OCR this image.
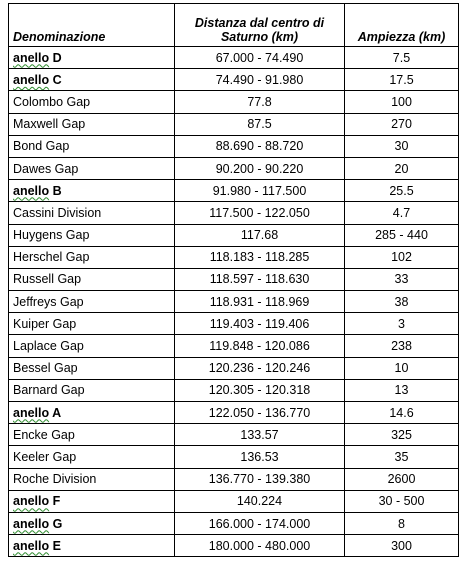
Denominazione	Distanza dal centro di Saturno (km)	Ampiezza (km)
anello D	67.000 - 74.490	7.5
anello C	74.490 - 91.980	17.5
Colombo Gap	77.8	100
Maxwell Gap	87.5	270
Bond Gap	88.690 - 88.720	30
Dawes Gap	90.200 - 90.220	20
anello B	91.980 - 117.500	25.5
Cassini Division	117.500 - 122.050	4.7
Huygens Gap	117.68	285 - 440
Herschel Gap	118.183 - 118.285	102
Russell Gap	118.597 - 118.630	33
Jeffreys Gap	118.931 - 118.969	38
Kuiper Gap	119.403 - 119.406	3
Laplace Gap	119.848 - 120.086	238
Bessel Gap	120.236 - 120.246	10
Barnard Gap	120.305 - 120.318	13
anello A	122.050 - 136.770	14.6
Encke Gap	133.57	325
Keeler Gap	136.53	35
Roche Division	136.770 - 139.380	2600
anello F	140.224	30 - 500
anello G	166.000 - 174.000	8
anello E	180.000 - 480.000	300
